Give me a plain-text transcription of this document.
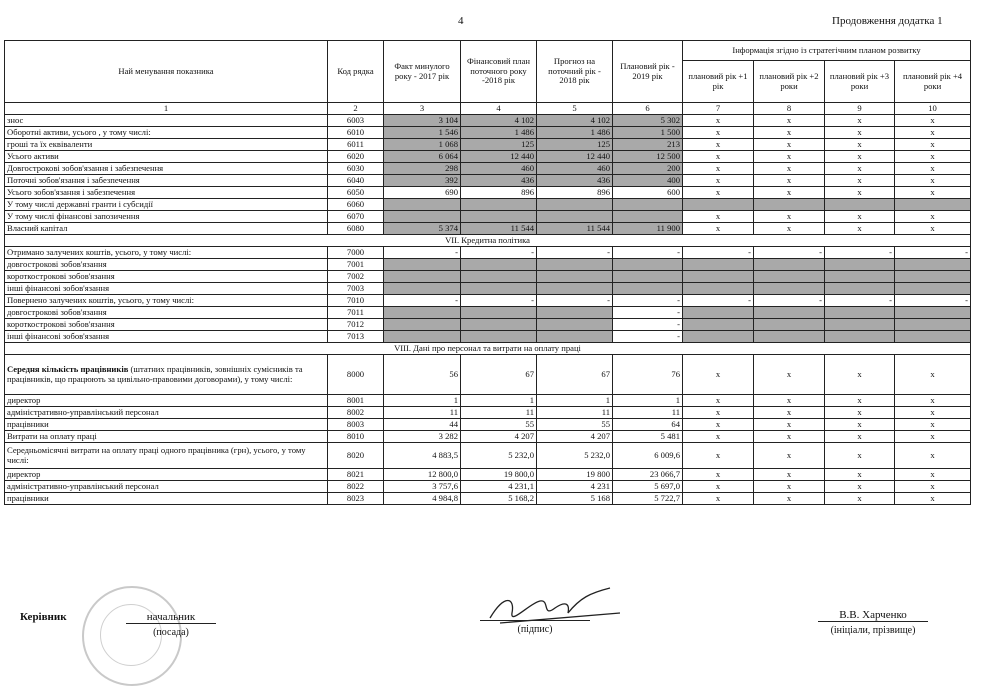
4	Продовження додатка 1
Най менування показника	Код рядка	Факт минулого року - 2017 рік	Фінансовий план поточного року -2018 рік	Прогноз на поточний рік - 2018 рік	Плановий рік - 2019 рік	Інформація згідно із стратегічним планом розвитку			
						плановий рік +1 рік	плановий рік +2 роки	плановий рік +3 роки	плановий рік +4 роки
1	2	3	4	5	6	7	8	9	10
знос	6003	3 104	4 102	4 102	5 302	x	x	x	x
Оборотні активи, усього , у тому числі:	6010	1 546	1 486	1 486	1 500	x	x	x	x
гроші та їх еквіваленти	6011	1 068	125	125	213	x	x	x	x
Усього активи	6020	6 064	12 440	12 440	12 500	x	x	x	x
Довгострокові зобов'язання і забезпечення	6030	298	460	460	200	x	x	x	x
Поточні зобов'язання і забезпечення	6040	392	436	436	400	x	x	x	x
Усього зобов'язання і забезпечення	6050	690	896	896	600	x	x	x	x
У тому числі державні гранти і субсидії	6060								
У тому числі фінансові запозичення	6070					x	x	x	x
Власний капітал	6080	5 374	11 544	11 544	11 900	x	x	x	x
VII. Кредитна політика									
Отримано залучених коштів, усього, у тому числі:	7000	-	-	-	-	-	-	-	-
довгострокові зобов'язання	7001								
короткострокові зобов'язання	7002								
інші фінансові зобов'язання	7003								
Повернено залучених коштів, усього, у тому числі:	7010	-	-	-	-	-	-	-	-
довгострокові зобов'язання	7011				-				
короткострокові зобов'язання	7012				-				
інші фінансові зобов'язання	7013				-				
VIII. Дані про персонал та витрати на оплату праці									
Середня кількість працівників (штатних працівників, зовнішніх сумісників та працівників, що працюють за цивільно-правовими договорами), у тому числі:	8000	56	67	67	76	x	x	x	x
директор	8001	1	1	1	1	x	x	x	x
адміністративно-управлінський персонал	8002	11	11	11	11	x	x	x	x
працівники	8003	44	55	55	64	x	x	x	x
Витрати на оплату праці	8010	3 282	4 207	4 207	5 481	x	x	x	x
Середньомісячні витрати на оплату праці одного працівника (грн), усього, у тому числі:	8020	4 883,5	5 232,0	5 232,0	6 009,6	x	x	x	x
директор	8021	12 800,0	19 800,0	19 800	23 066,7	x	x	x	x
адміністративно-управлінський персонал	8022	3 757,6	4 231,1	4 231	5 697,0	x	x	x	x
працівники	8023	4 984,8	5 168,2	5 168	5 722,7	x	x	x	x
Керівник	начальник
(посада)	(підпис)
В.В. Харченко
(ініціали, прізвище)
